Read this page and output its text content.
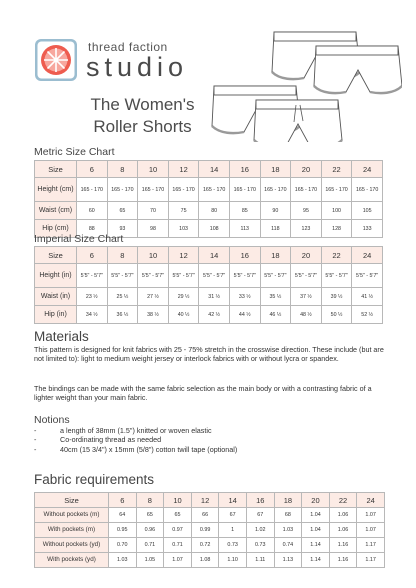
thread faction
studio
The Women's
Roller Shorts
Metric Size Chart
Size	6	8	10	12	14	16	18	20	22	24
Height (cm)	165 - 170	165 - 170	165 - 170	165 - 170	165 - 170	165 - 170	165 - 170	165 - 170	165 - 170	165 - 170
Waist (cm)	60	65	70	75	80	85	90	95	100	105
Hip (cm)	88	93	98	103	108	113	118	123	128	133
Imperial Size Chart
Size	6	8	10	12	14	16	18	20	22	24
Height (in)	5'5" - 5'7"	5'5" - 5'7"	5'5" - 5'7"	5'5" - 5'7"	5'5" - 5'7"	5'5" - 5'7"	5'5" - 5'7"	5'5" - 5'7"	5'5" - 5'7"	5'5" - 5'7"
Waist (in)	23 ½	25 ½	27 ½	29 ½	31 ½	33 ½	35 ½	37 ½	39 ½	41 ½
Hip (in)	34 ½	36 ½	38 ½	40 ½	42 ½	44 ½	46 ½	48 ½	50 ½	52 ½
Materials
This pattern is designed for knit fabrics with 25 - 75% stretch in the crosswise direction. These include (but are not limited to): light to medium weight jersey or interlock fabrics with or without lycra or spandex.
The bindings can be made with the same fabric selection as the main body or with a contrasting fabric of a lighter weight than your main fabric.
Notions
-	a length of 38mm (1.5") knitted or woven elastic
-	Co-ordinating thread as needed
-	40cm (15 3/4") x 15mm (5/8") cotton twill tape (optional)
Fabric requirements
Size	6	8	10	12	14	16	18	20	22	24
Without pockets (m)	64	65	65	66	67	67	68	1.04	1.06	1.07
With pockets (m)	0.95	0.96	0.97	0.99	1	1.02	1.03	1.04	1.06	1.07
Without pockets (yd)	0.70	0.71	0.71	0.72	0.73	0.73	0.74	1.14	1.16	1.17
With pockets (yd)	1.03	1.05	1.07	1.08	1.10	1.11	1.13	1.14	1.16	1.17
